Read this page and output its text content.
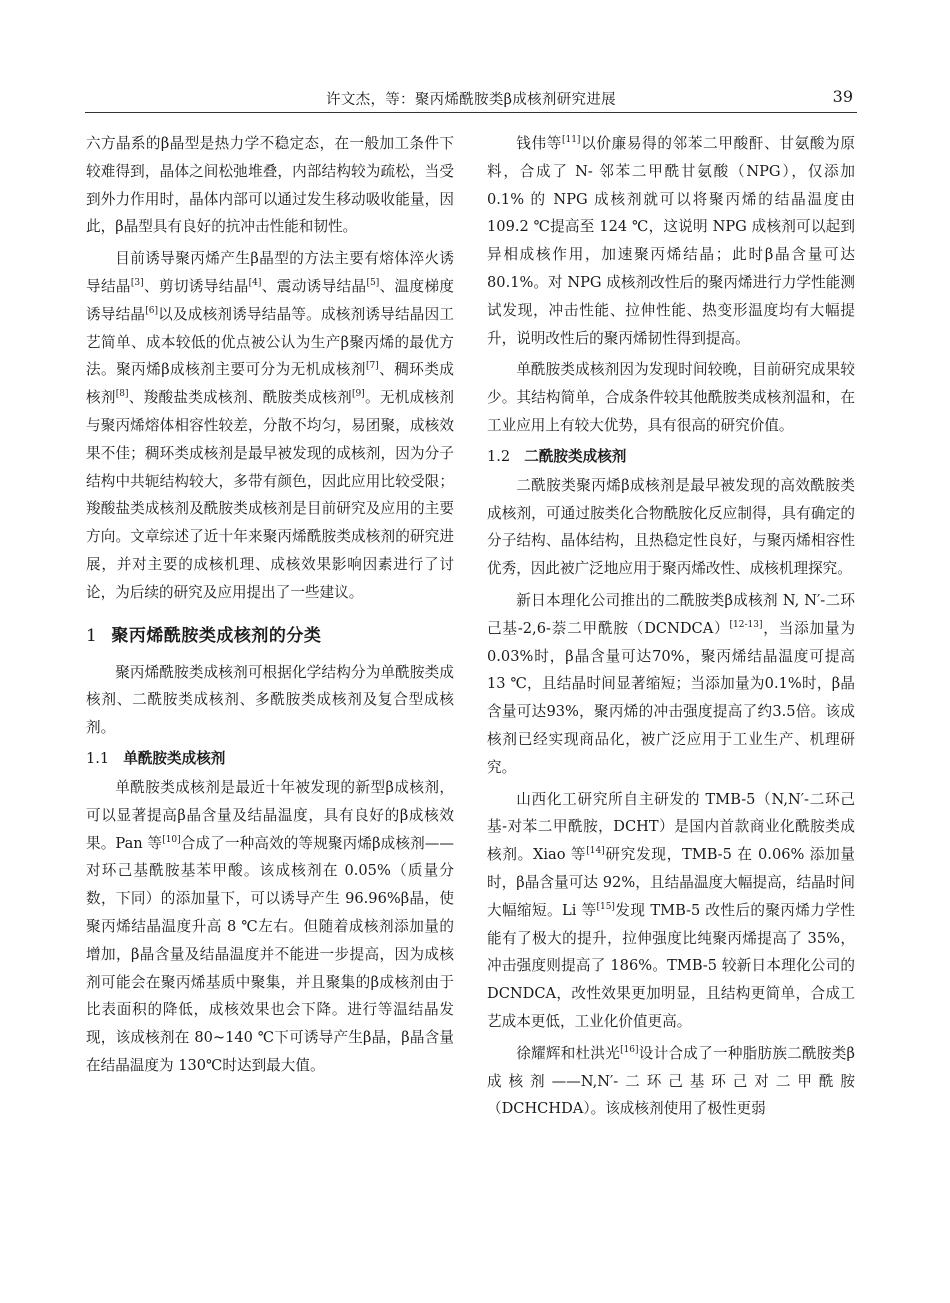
许文杰，等：聚丙烯酰胺类β成核剂研究进展	39

六方晶系的β晶型是热力学不稳定态，在一般加工条件下较难得到，晶体之间松弛堆叠，内部结构较为疏松，当受到外力作用时，晶体内部可以通过发生移动吸收能量，因此，β晶型具有良好的抗冲击性能和韧性。

目前诱导聚丙烯产生β晶型的方法主要有熔体淬火诱导结晶[3]、剪切诱导结晶[4]、震动诱导结晶[5]、温度梯度诱导结晶[6]以及成核剂诱导结晶等。成核剂诱导结晶因工艺简单、成本较低的优点被公认为生产β聚丙烯的最优方法。聚丙烯β成核剂主要可分为无机成核剂[7]、稠环类成核剂[8]、羧酸盐类成核剂、酰胺类成核剂[9]。无机成核剂与聚丙烯熔体相容性较差，分散不均匀，易团聚，成核效果不佳；稠环类成核剂是最早被发现的成核剂，因为分子结构中共轭结构较大，多带有颜色，因此应用比较受限；羧酸盐类成核剂及酰胺类成核剂是目前研究及应用的主要方向。文章综述了近十年来聚丙烯酰胺类成核剂的研究进展，并对主要的成核机理、成核效果影响因素进行了讨论，为后续的研究及应用提出了一些建议。

1 聚丙烯酰胺类成核剂的分类

聚丙烯酰胺类成核剂可根据化学结构分为单酰胺类成核剂、二酰胺类成核剂、多酰胺类成核剂及复合型成核剂。

1.1 单酰胺类成核剂

单酰胺类成核剂是最近十年被发现的新型β成核剂，可以显著提高β晶含量及结晶温度，具有良好的β成核效果。Pan 等[10]合成了一种高效的等规聚丙烯β成核剂——对环己基酰胺基苯甲酸。该成核剂在 0.05%（质量分数，下同）的添加量下，可以诱导产生 96.96%β晶，使聚丙烯结晶温度升高 8 ℃左右。但随着成核剂添加量的增加，β晶含量及结晶温度并不能进一步提高，因为成核剂可能会在聚丙烯基质中聚集，并且聚集的β成核剂由于比表面积的降低，成核效果也会下降。进行等温结晶发现，该成核剂在 80~140 ℃下可诱导产生β晶，β晶含量在结晶温度为 130℃时达到最大值。

钱伟等[11]以价廉易得的邻苯二甲酸酐、甘氨酸为原料，合成了 N- 邻苯二甲酰甘氨酸（NPG），仅添加 0.1% 的 NPG 成核剂就可以将聚丙烯的结晶温度由 109.2 ℃提高至 124 ℃，这说明 NPG 成核剂可以起到异相成核作用，加速聚丙烯结晶；此时β晶含量可达 80.1%。对 NPG 成核剂改性后的聚丙烯进行力学性能测试发现，冲击性能、拉伸性能、热变形温度均有大幅提升，说明改性后的聚丙烯韧性得到提高。

单酰胺类成核剂因为发现时间较晚，目前研究成果较少。其结构简单，合成条件较其他酰胺类成核剂温和，在工业应用上有较大优势，具有很高的研究价值。

1.2 二酰胺类成核剂

二酰胺类聚丙烯β成核剂是最早被发现的高效酰胺类成核剂，可通过胺类化合物酰胺化反应制得，具有确定的分子结构、晶体结构，且热稳定性良好，与聚丙烯相容性优秀，因此被广泛地应用于聚丙烯改性、成核机理探究。

新日本理化公司推出的二酰胺类β成核剂 N, N′-二环己基-2,6-萘二甲酰胺（DCNDCA）[12-13]，当添加量为0.03%时，β晶含量可达70%，聚丙烯结晶温度可提高13 ℃，且结晶时间显著缩短；当添加量为0.1%时，β晶含量可达93%，聚丙烯的冲击强度提高了约3.5倍。该成核剂已经实现商品化，被广泛应用于工业生产、机理研究。

山西化工研究所自主研发的 TMB-5（N,N′-二环己基-对苯二甲酰胺，DCHT）是国内首款商业化酰胺类成核剂。Xiao 等[14]研究发现，TMB-5 在 0.06% 添加量时，β晶含量可达 92%，且结晶温度大幅提高，结晶时间大幅缩短。Li 等[15]发现 TMB-5 改性后的聚丙烯力学性能有了极大的提升，拉伸强度比纯聚丙烯提高了 35%，冲击强度则提高了 186%。TMB-5 较新日本理化公司的 DCNDCA，改性效果更加明显，且结构更简单，合成工艺成本更低，工业化价值更高。

徐耀辉和杜洪光[16]设计合成了一种脂肪族二酰胺类β成核剂——N,N′-二环己基环己对二甲酰胺（DCHCHDA）。该成核剂使用了极性更弱
